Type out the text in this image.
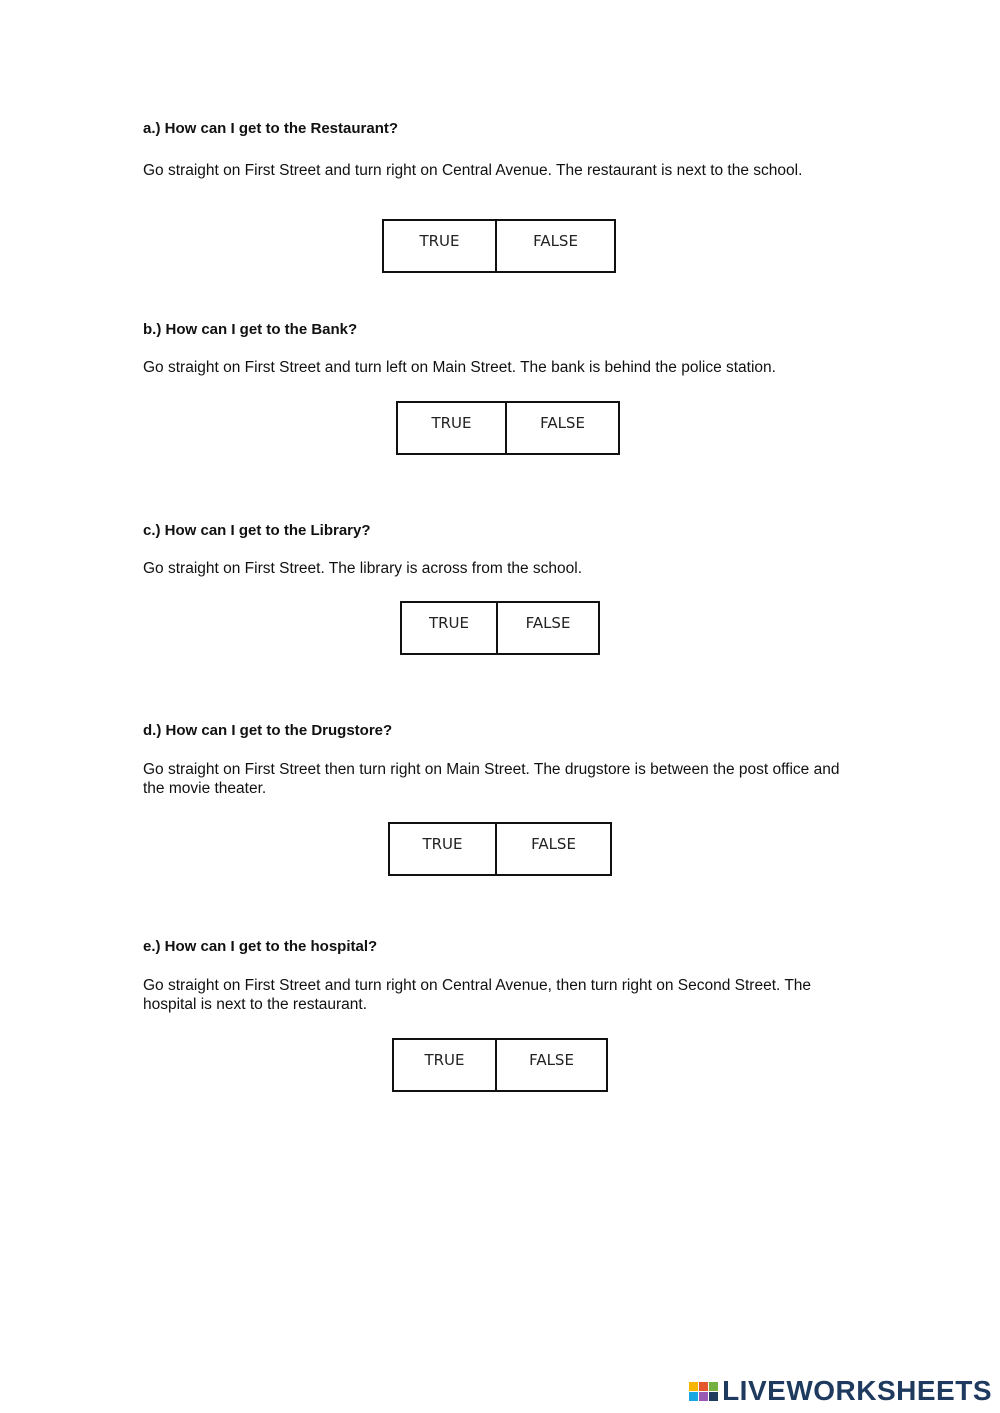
a.) How can I get to the Restaurant?

Go straight on First Street and turn right on Central Avenue. The restaurant is next to the school.

TRUE	FALSE

b.) How can I get to the Bank?

Go straight on First Street and turn left on Main Street. The bank is behind the police station.

TRUE	FALSE

c.) How can I get to the Library?

Go straight on First Street. The library is across from the school.

TRUE	FALSE

d.) How can I get to the Drugstore?

Go straight on First Street then turn right on Main Street. The drugstore is between the post office and the movie theater.

TRUE	FALSE

e.) How can I get to the hospital?

Go straight on First Street and turn right on Central Avenue, then turn right on Second Street. The hospital is next to the restaurant.

TRUE	FALSE
LIVEWORKSHEETS
